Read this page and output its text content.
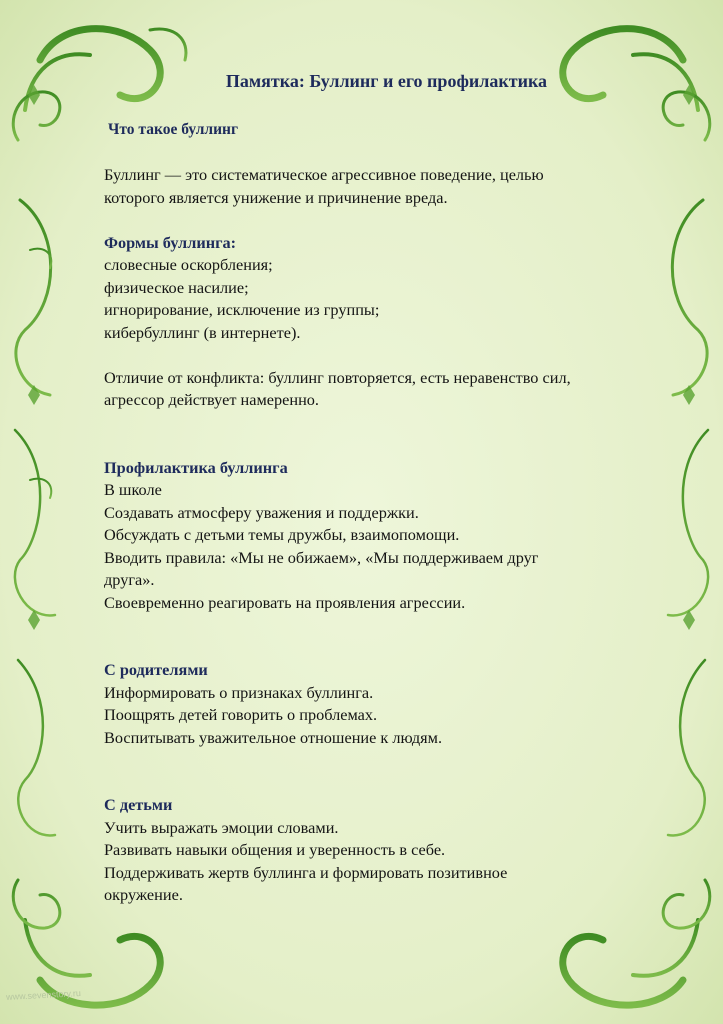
Памятка: Буллинг и его профилактика
Что такое буллинг
Буллинг — это систематическое агрессивное поведение, целью
которого является унижение и причинение вреда.
Формы буллинга:
словесные оскорбления;
физическое насилие;
игнорирование, исключение из группы;
кибербуллинг (в интернете).
Отличие от конфликта: буллинг повторяется, есть неравенство сил,
агрессор действует намеренно.
Профилактика буллинга
В школе
Создавать атмосферу уважения и поддержки.
Обсуждать с детьми темы дружбы, взаимопомощи.
Вводить правила: «Мы не обижаем», «Мы поддерживаем друг
друга».
Своевременно реагировать на проявления агрессии.
С родителями
Информировать о признаках буллинга.
Поощрять детей говорить о проблемах.
Воспитывать уважительное отношение к людям.
С детьми
Учить выражать эмоции словами.
Развивать навыки общения и уверенность в себе.
Поддерживать жертв буллинга и формировать позитивное
окружение.
www.sevenstory.ru
